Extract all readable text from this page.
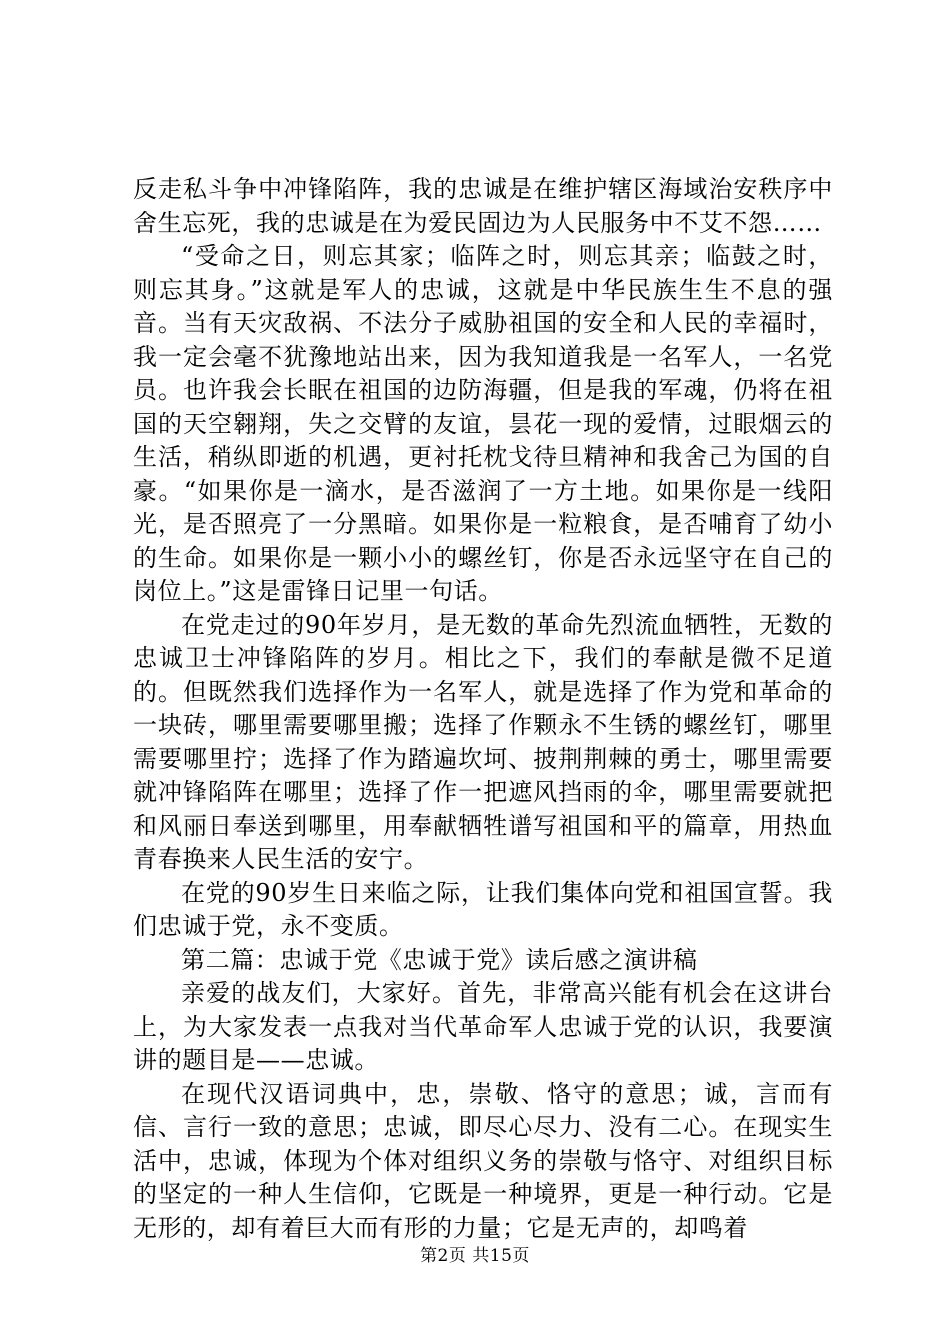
反走私斗争中冲锋陷阵，我的忠诚是在维护辖区海域治安秩序中舍生忘死，我的忠诚是在为爱民固边为人民服务中不艾不怨……

“受命之日，则忘其家；临阵之时，则忘其亲；临鼓之时，则忘其身。”这就是军人的忠诚，这就是中华民族生生不息的强音。当有天灾敌祸、不法分子威胁祖国的安全和人民的幸福时，我一定会毫不犹豫地站出来，因为我知道我是一名军人，一名党员。也许我会长眠在祖国的边防海疆，但是我的军魂，仍将在祖国的天空翱翔，失之交臂的友谊，昙花一现的爱情，过眼烟云的生活，稍纵即逝的机遇，更衬托枕戈待旦精神和我舍己为国的自豪。“如果你是一滴水，是否滋润了一方土地。如果你是一线阳光，是否照亮了一分黑暗。如果你是一粒粮食，是否哺育了幼小的生命。如果你是一颗小小的螺丝钉，你是否永远坚守在自己的岗位上。”这是雷锋日记里一句话。

在党走过的90年岁月，是无数的革命先烈流血牺牲，无数的忠诚卫士冲锋陷阵的岁月。相比之下，我们的奉献是微不足道的。但既然我们选择作为一名军人，就是选择了作为党和革命的一块砖，哪里需要哪里搬；选择了作颗永不生锈的螺丝钉，哪里需要哪里拧；选择了作为踏遍坎坷、披荆荆棘的勇士，哪里需要就冲锋陷阵在哪里；选择了作一把遮风挡雨的伞，哪里需要就把和风丽日奉送到哪里，用奉献牺牲谱写祖国和平的篇章，用热血青春换来人民生活的安宁。

在党的90岁生日来临之际，让我们集体向党和祖国宣誓。我们忠诚于党，永不变质。

第二篇：忠诚于党《忠诚于党》读后感之演讲稿

亲爱的战友们，大家好。首先，非常高兴能有机会在这讲台上，为大家发表一点我对当代革命军人忠诚于党的认识，我要演讲的题目是——忠诚。

在现代汉语词典中，忠，崇敬、恪守的意思；诚，言而有信、言行一致的意思；忠诚，即尽心尽力、没有二心。在现实生活中，忠诚，体现为个体对组织义务的崇敬与恪守、对组织目标的坚定的一种人生信仰，它既是一种境界，更是一种行动。它是无形的，却有着巨大而有形的力量；它是无声的，却鸣着

第2页 共15页
